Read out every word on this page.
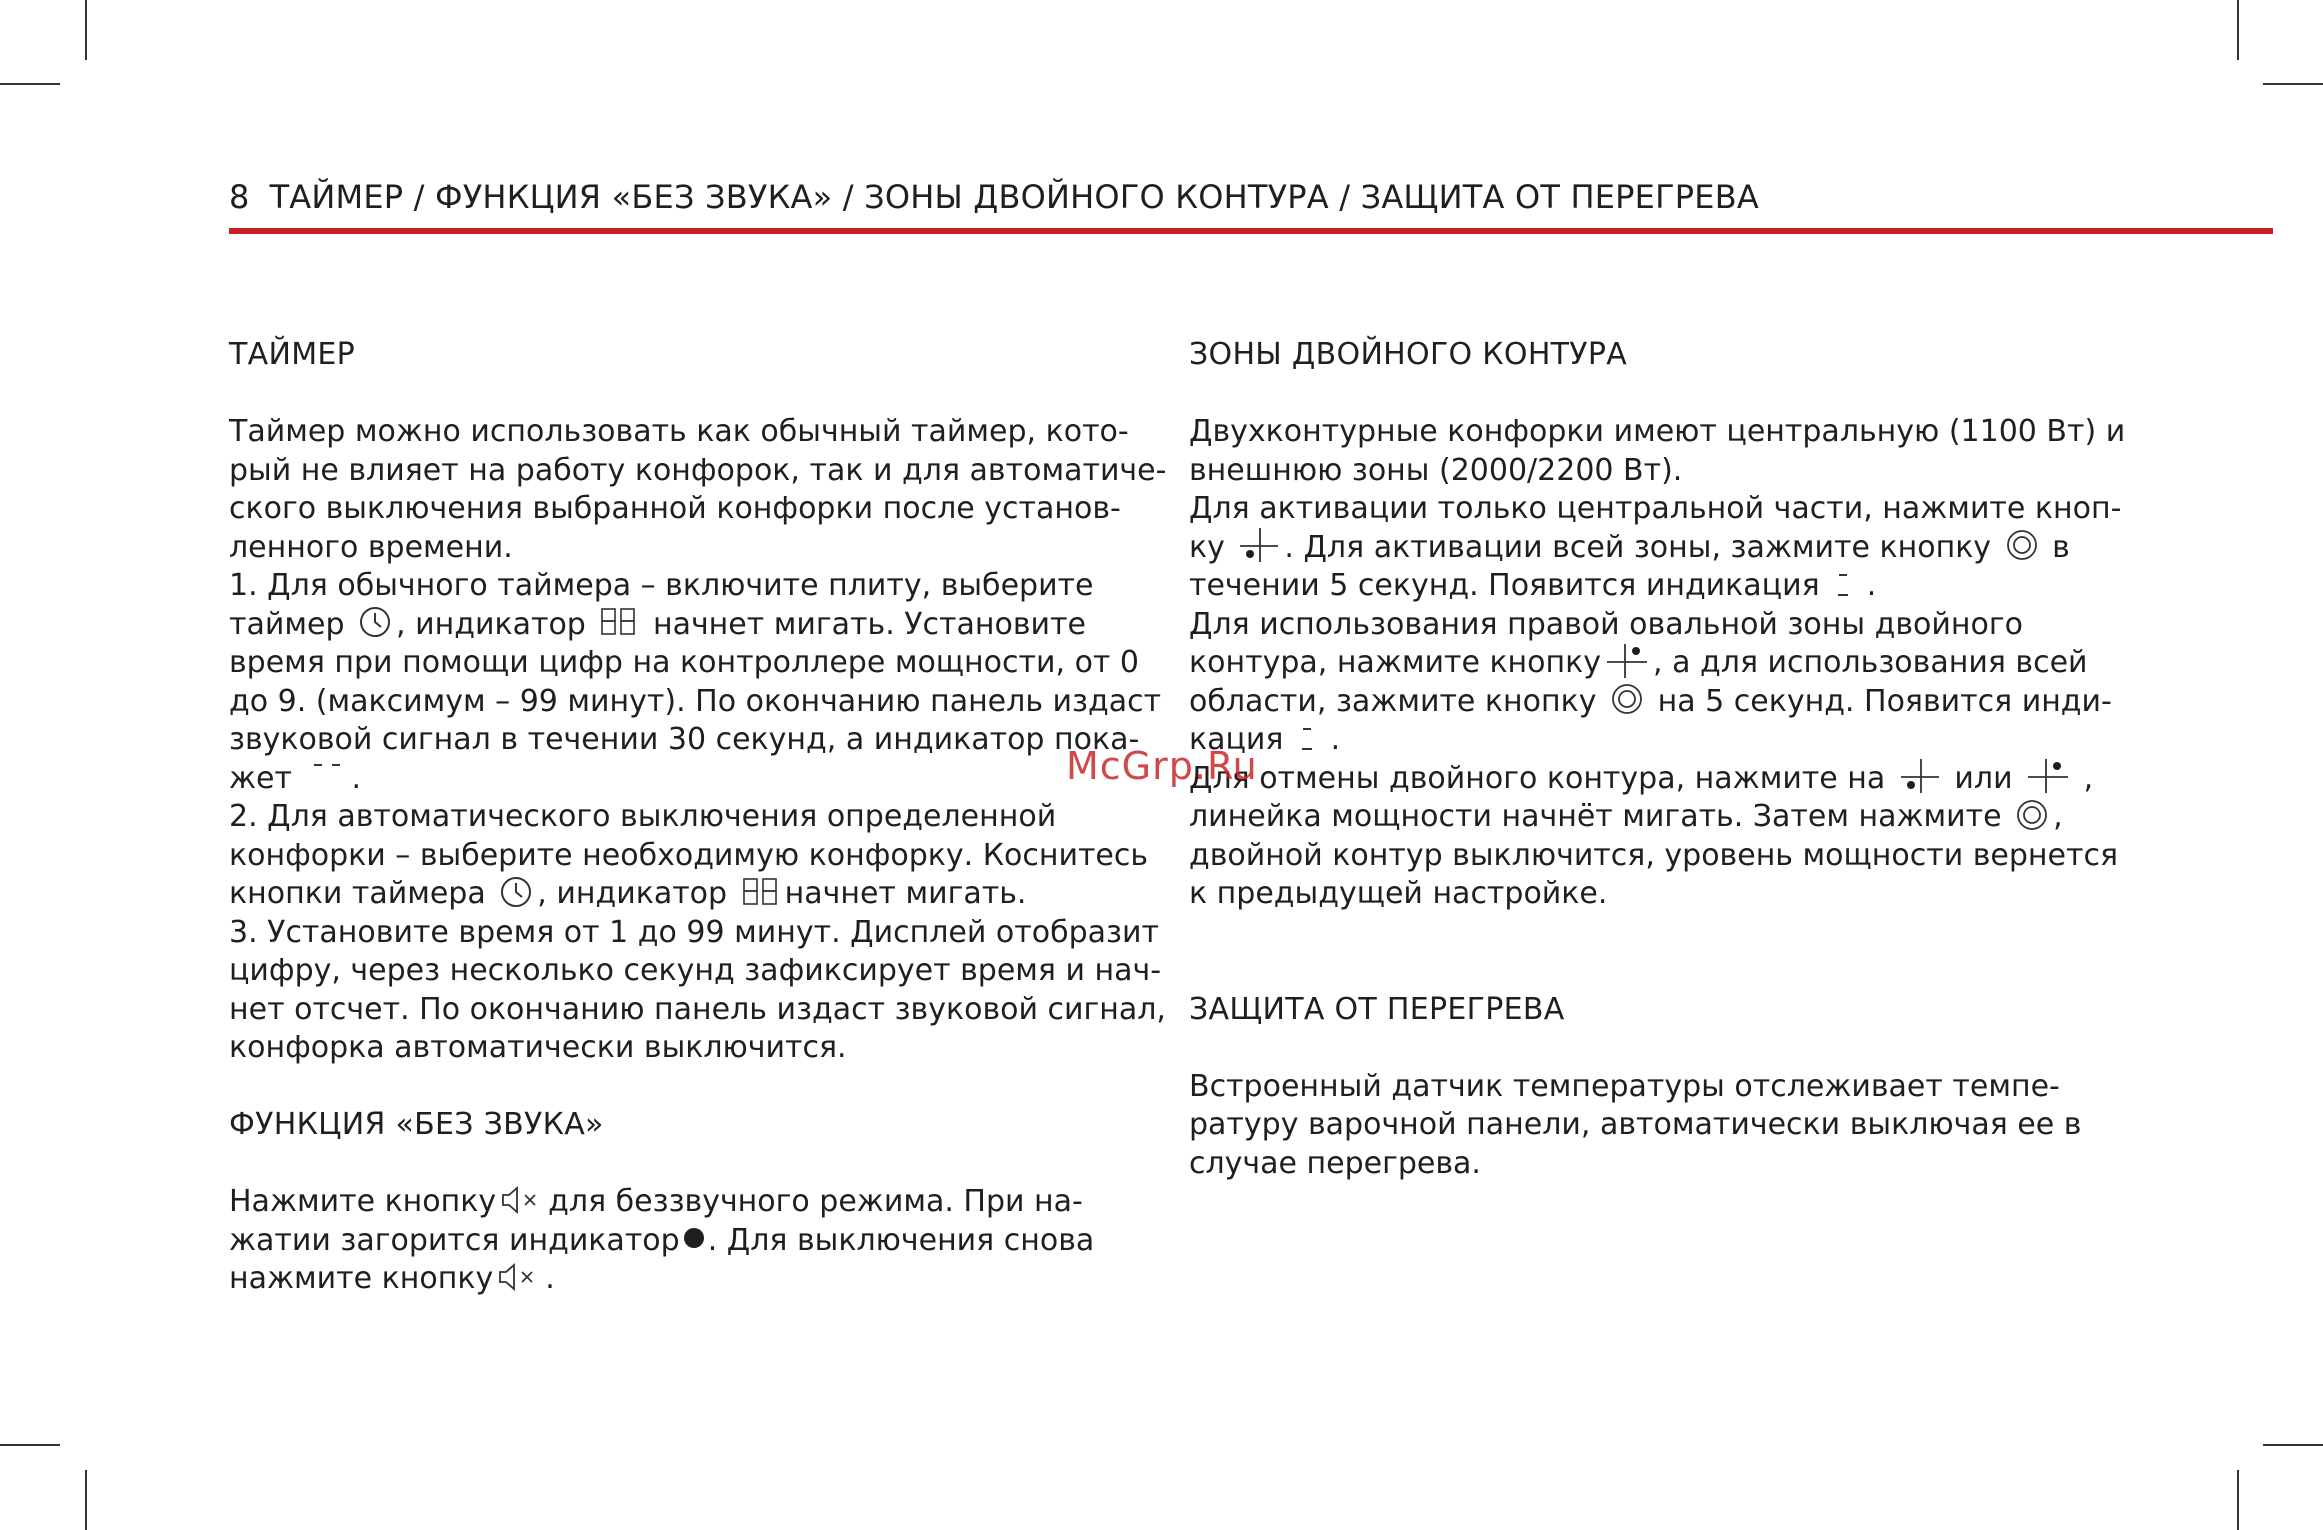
8 ТАЙМЕР / ФУНКЦИЯ «БЕЗ ЗВУКА» / ЗОНЫ ДВОЙНОГО КОНТУРА / ЗАЩИТА ОТ ПЕРЕГРЕВА
ТАЙМЕР
Таймер можно использовать как обычный таймер, кото-
рый не влияет на работу конфорок, так и для автоматиче-
ского выключения выбранной конфорки после установ-
ленного времени.
1. Для обычного таймера – включите плиту, выберите
таймер , индикатор начнет мигать. Установите
время при помощи цифр на контроллере мощности, от 0
до 9. (максимум – 99 минут). По окончанию панель издаст
звуковой сигнал в течении 30 секунд, а индикатор пока-
жет .
2. Для автоматического выключения определенной
конфорки – выберите необходимую конфорку. Коснитесь
кнопки таймера , индикатор начнет мигать.
3. Установите время от 1 до 99 минут. Дисплей отобразит
цифру, через несколько секунд зафиксирует время и нач-
нет отсчет. По окончанию панель издаст звуковой сигнал,
конфорка автоматически выключится.
ФУНКЦИЯ «БЕЗ ЗВУКА»
Нажмите кнопку для беззвучного режима. При на-
жатии загорится индикатор . Для выключения снова
нажмите кнопку .
ЗОНЫ ДВОЙНОГО КОНТУРА
Двухконтурные конфорки имеют центральную (1100 Вт) и
внешнюю зоны (2000/2200 Вт).
Для активации только центральной части, нажмите кноп-
ку . Для активации всей зоны, зажмите кнопку в
течении 5 секунд. Появится индикация .
Для использования правой овальной зоны двойного
контура, нажмите кнопку , а для использования всей
области, зажмите кнопку на 5 секунд. Появится инди-
кация .
Для отмены двойного контура, нажмите на или ,
линейка мощности начнёт мигать. Затем нажмите ,
двойной контур выключится, уровень мощности вернется
к предыдущей настройке.
ЗАЩИТА ОТ ПЕРЕГРЕВА
Встроенный датчик температуры отслеживает темпе-
ратуру варочной панели, автоматически выключая ее в
случае перегрева.
McGrp.Ru
